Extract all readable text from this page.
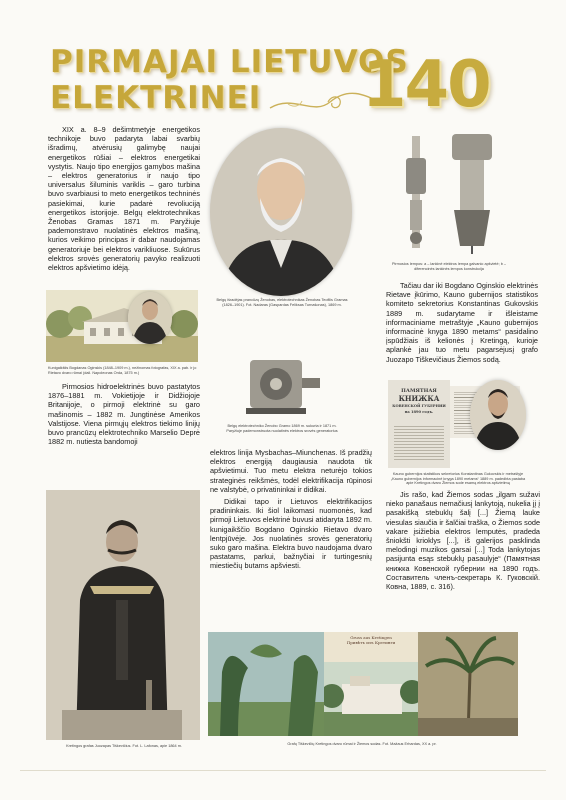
PIRMAJAI LIETUVOS
ELEKTRINEI 140

XIX a. 8–9 dešimtmetyje energetikos technikoje buvo padaryta labai svarbių išradimų, atvėrusių galimybę naujai energetikos rūšiai – elektros energetikai vystytis. Naujo tipo energijos gamybos mašina – elektros generatorius ir naujo tipo universalus šiluminis variklis – garo turbina buvo svarbiausi to meto energetikos techninės pasiekimai, kurie padarė revoliuciją energetikos istorijoje. Belgų elektrotechnikas Ženobas Gramas 1871 m. Paryžiuje pademonstravo nuolatinės elektros mašiną, kurios veikimo principas ir dabar naudojamas generatoriuje bei elektros varikliuose. Sukūrus elektros srovės generatorių pavyko realizuoti elektros apšvietimo idėją.

Belgų išradėjas prancūzų Ženobas, elektrotechnikas Ženobas Teofilis Gramas (1826–1901). Fot. Nadaras (Gaspardas Feliksas Turnašonas), 1869 m.
Pirmosios lempos: a – lankinė elektros lempa galvanio apšvietė; b – diferencinės lankinės lempos konstrukcija
Kunigaikštis Bogdanas Oginskis (1848–1909 m.), nežinomas fotografas, XIX a. pab. ir jo Rietavo dvaro rūmai (dail. Napoleonas Orda, 1875 m.)
Belgų elektrotechniko Ženobo Gramo 1869 m. sukurta ir 1871 m. Paryžiuje pademonstruota nuolatinės elektros srovės generatorius

Pirmosios hidroelektrinės buvo pastatytos 1876–1881 m. Vokietijoje ir Didžiojoje Britanijoje, o pirmoji elektrinė su garo mašinomis – 1882 m. Jungtinėse Amerikos Valstijose. Viena pirmųjų elektros tiekimo linijų buvo prancūzų elektrotechniko Marselio Deprė 1882 m. nutiesta bandomoji

Tačiau dar iki Bogdano Oginskio elektrinės Rietave įkūrimo, Kauno gubernijos statistikos komiteto sekretorius Konstantinas Gukovskis 1889 m. sudarytame ir išleistame informaciniame metraštyje „Kauno gubernijos informacinė knyga 1890 metams“ pasidalino įspūdžiais iš kelionės į Kretingą, kurioje aplankė jau tuo metu pagarsėjusį grafo Juozapo Tiškevičiaus Žiemos sodą.

ПАМЯТНАЯ
КНИЖКА
КОВЕНСКОЙ ГУБЕРНИИ
на 1890 годъ.
Kauno gubernijos statistikos sekretorius Konstantinas Gukovskis ir metraštyje „Kauno gubernijos informacinė knyga 1890 metams“ 1889 m. padedbta pastaba apie Kretingos dvaro Žiemos sode esamą elektros apšvietimą

elektros linija Mysbachas–Miunchenas. Iš pradžių elektros energiją daugiausia naudota tik apšvietimui. Tuo metu elektra neturėjo tokios strateginės reikšmės, todėl elektrifikacija rūpinosi ne valstybė, o privatininkai ir didikai.

Didikai tapo ir Lietuvos elektrifikacijos pradininkais. Iki šiol laikomasi nuomonės, kad pirmoji Lietuvos elektrinė buvusi atidaryta 1892 m. kunigaikščio Bogdano Oginskio Rietavo dvaro lentpjūvėje. Jos nuolatinės srovės generatorių suko garo mašina. Elektra buvo naudojama dvaro pastatams, parkui, bažnyčiai ir turtingesnių miestiečių butams apšviesti.

Kretingos grafas Juozapas Tiškevičius. Fot. L. Lafonas, apie 1864 m.

Jis rašo, kad Žiemos sodas „ilgam sužavi nieko panašaus nemačiusį lankytoją, nukelia jį į pasakišką stebuklų šalį [...] Žiemą lauke viesulas siaučia ir šalčiai traška, o Žiemos sode vakare įsižiebia elektros lemputės, pradeda šniokšti krioklys [...], iš galerijos pasklinda melodingi muzikos garsai [...] Toda lankytojas pasijunta esąs stebuklų pasaulyje“ (Памятная книжка Ковенской губернии на 1890 годъ. Составитель членъ-секретарь К. Гуковскій. Ковна, 1889, с. 316).

Gruss aus Kretingen
Привѣтъ изъ Кретинги
Grafų Tiškevičių Kretingos dvaro rūmai ir Žiemos sodas. Fot. Mažaus Erhardas, XX a. pr.
